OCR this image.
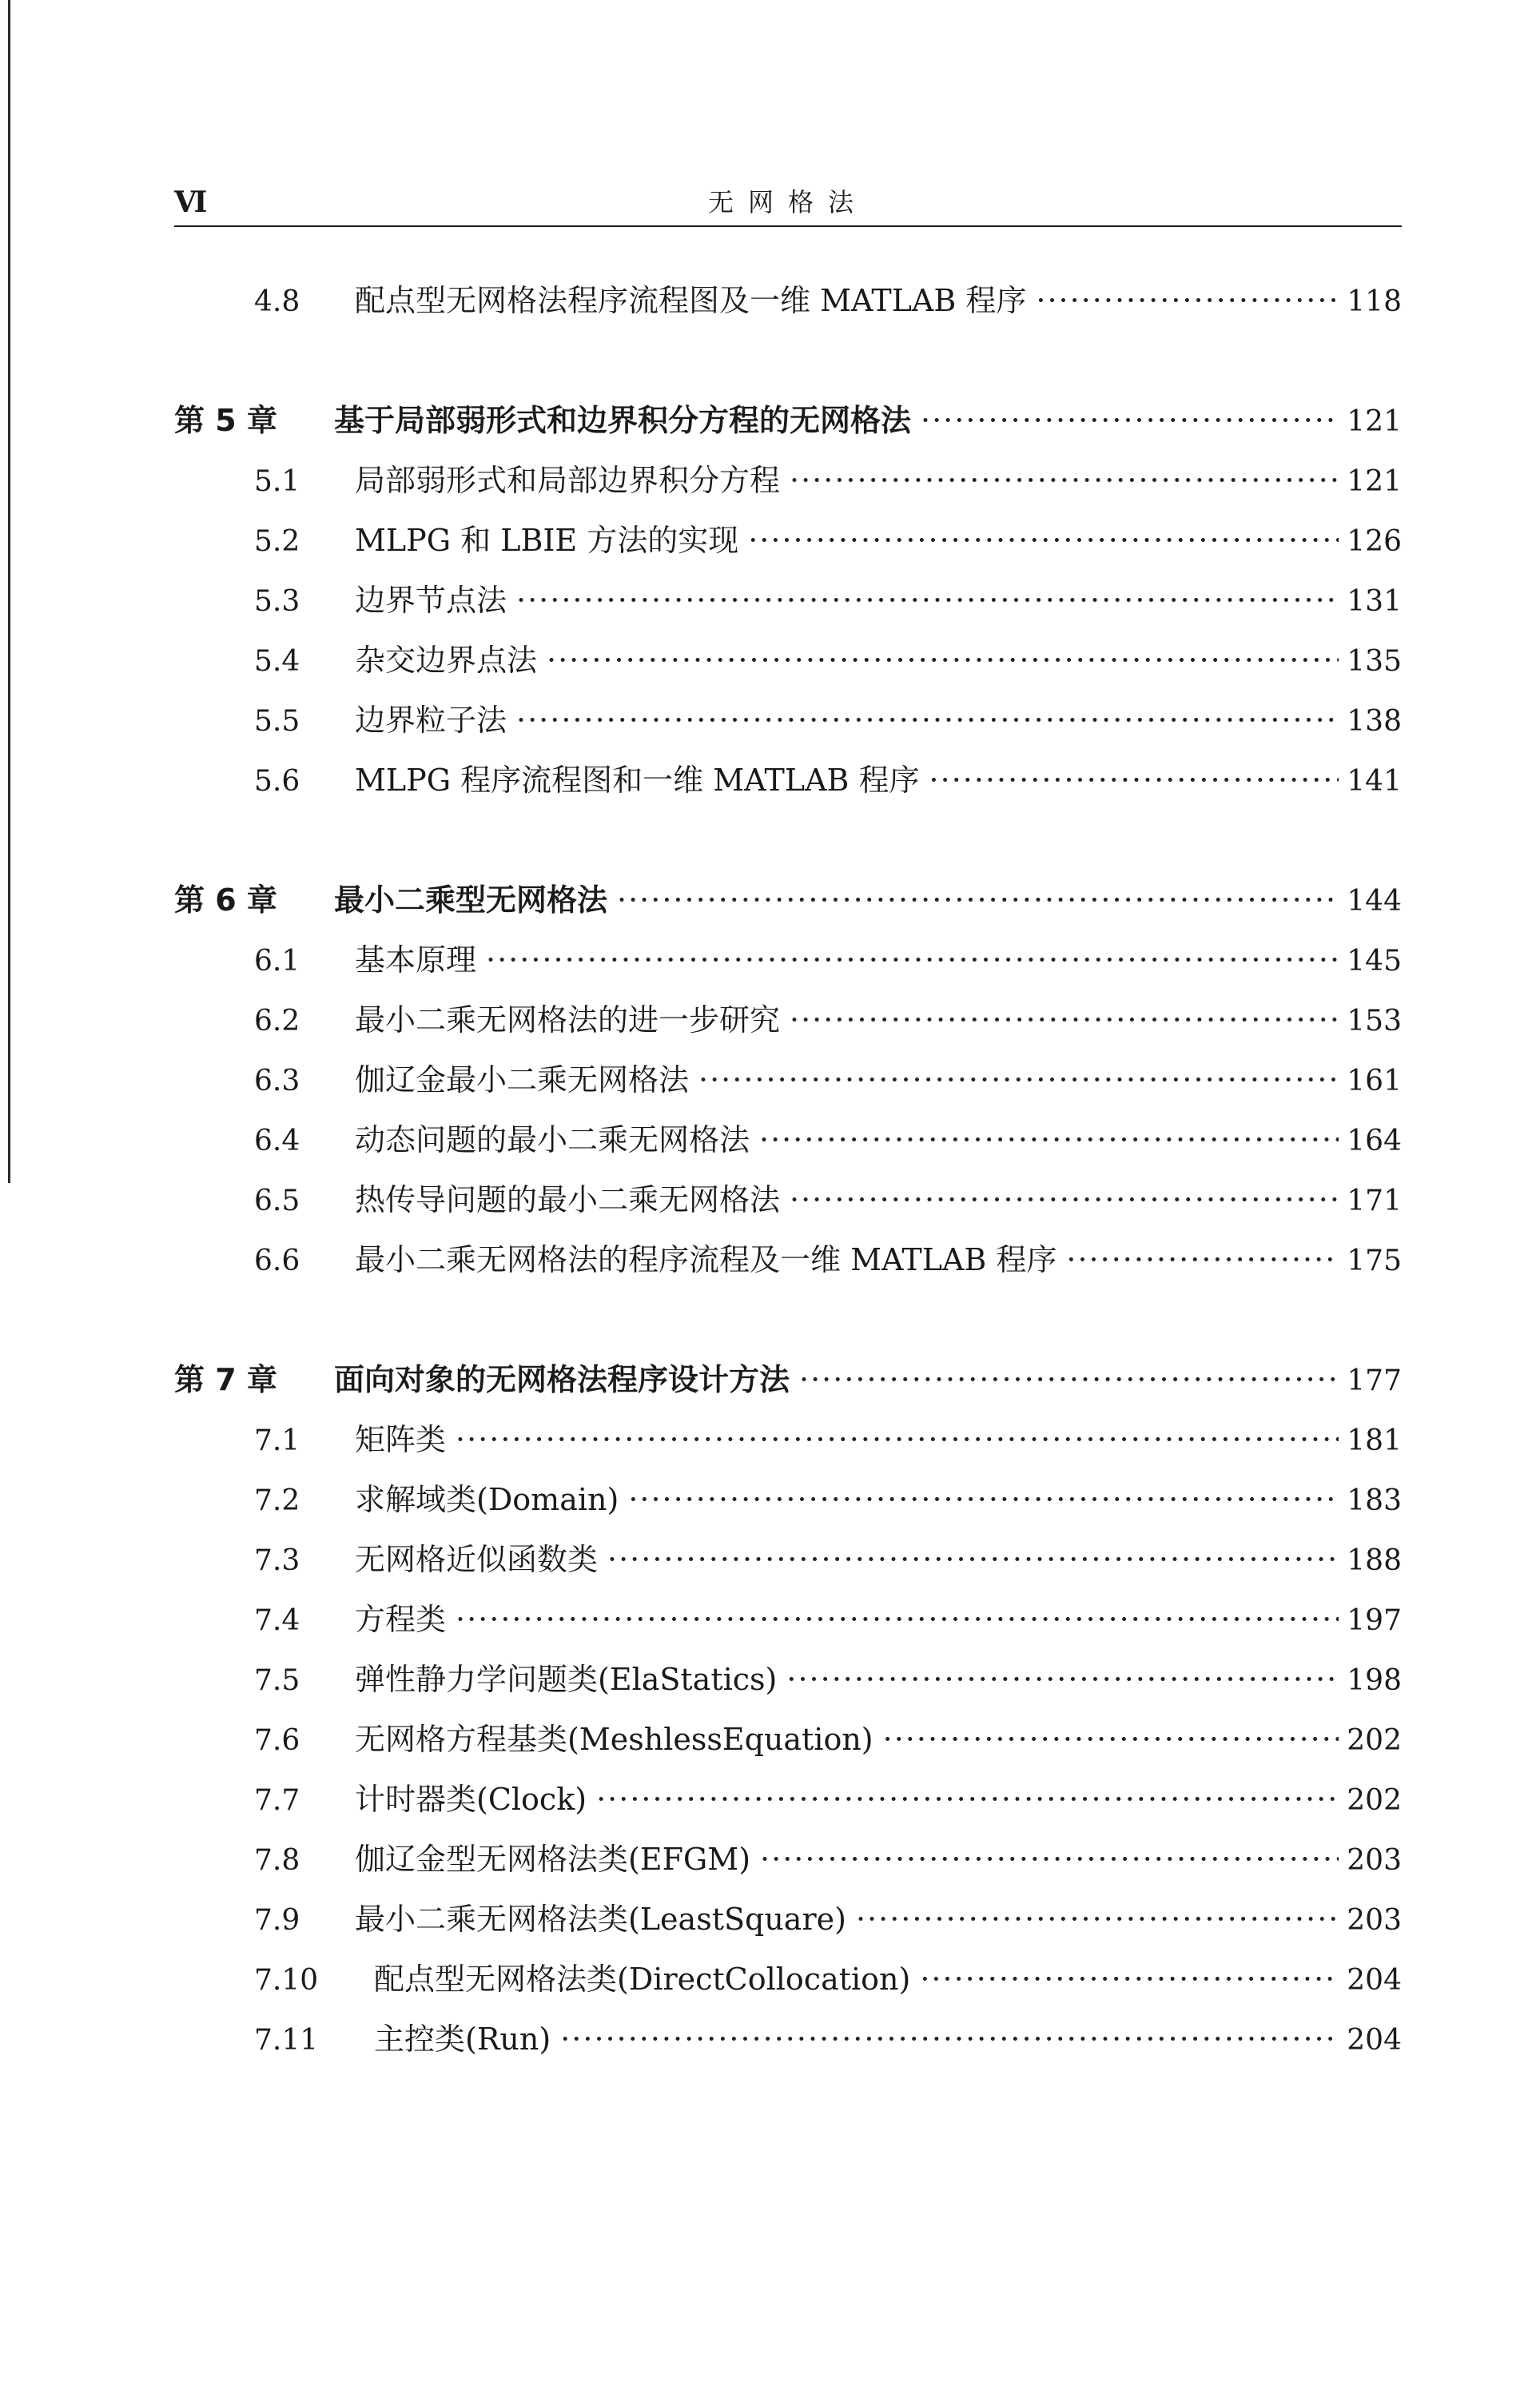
Ⅵ	无网格法
4.8	配点型无网格法程序流程图及一维 MATLAB 程序 ·····	118
第 5 章	基于局部弱形式和边界积分方程的无网格法 ·····	121
5.1	局部弱形式和局部边界积分方程 ·····	121
5.2	MLPG 和 LBIE 方法的实现 ·····	126
5.3	边界节点法 ·····	131
5.4	杂交边界点法 ·····	135
5.5	边界粒子法 ·····	138
5.6	MLPG 程序流程图和一维 MATLAB 程序 ·····	141
第 6 章	最小二乘型无网格法 ·····	144
6.1	基本原理 ·····	145
6.2	最小二乘无网格法的进一步研究 ·····	153
6.3	伽辽金最小二乘无网格法 ·····	161
6.4	动态问题的最小二乘无网格法 ·····	164
6.5	热传导问题的最小二乘无网格法 ·····	171
6.6	最小二乘无网格法的程序流程及一维 MATLAB 程序 ·····	175
第 7 章	面向对象的无网格法程序设计方法 ·····	177
7.1	矩阵类 ·····	181
7.2	求解域类(Domain) ·····	183
7.3	无网格近似函数类 ·····	188
7.4	方程类 ·····	197
7.5	弹性静力学问题类(ElaStatics) ·····	198
7.6	无网格方程基类(MeshlessEquation) ·····	202
7.7	计时器类(Clock) ·····	202
7.8	伽辽金型无网格法类(EFGM) ·····	203
7.9	最小二乘无网格法类(LeastSquare) ·····	203
7.10	配点型无网格法类(DirectCollocation) ·····	204
7.11	主控类(Run) ·····	204
